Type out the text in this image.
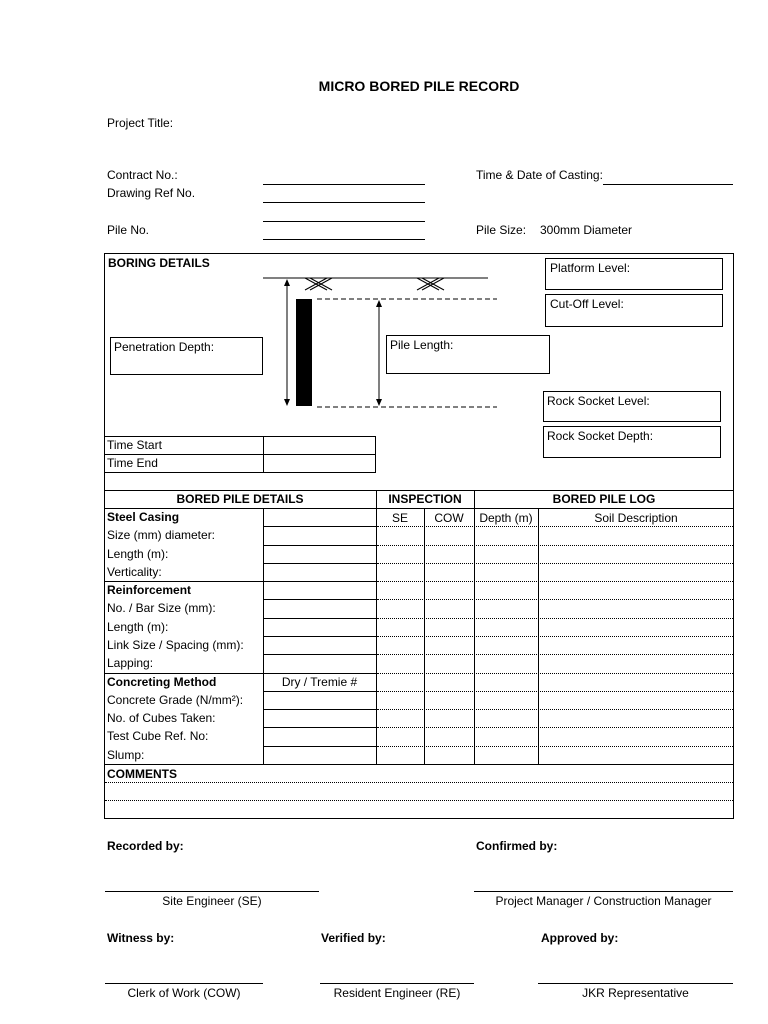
MICRO BORED PILE RECORD
Project Title:
Contract No.:
Drawing Ref No.
Pile No.
Time & Date of Casting:
Pile Size: 300mm Diameter
BORING DETAILS	Platform Level:
Cut-Off Level:
Penetration Depth:	Pile Length:
Rock Socket Level:
Rock Socket Depth:
Time Start
Time End
BORED PILE DETAILS	INSPECTION	BORED PILE LOG
SE	COW	Depth (m)	Soil Description
Steel Casing
Size (mm) diameter:
Length (m):
Verticality:
Reinforcement
No. / Bar Size (mm):
Length (m):
Link Size / Spacing (mm):
Lapping:
Concreting Method	Dry / Tremie #
Concrete Grade (N/mm²):
No. of Cubes Taken:
Test Cube Ref. No:
Slump:
COMMENTS
Recorded by:	Confirmed by:
Site Engineer (SE)	Project Manager / Construction Manager
Witness by:	Verified by:	Approved by:
Clerk of Work (COW)	Resident Engineer (RE)	JKR Representative
